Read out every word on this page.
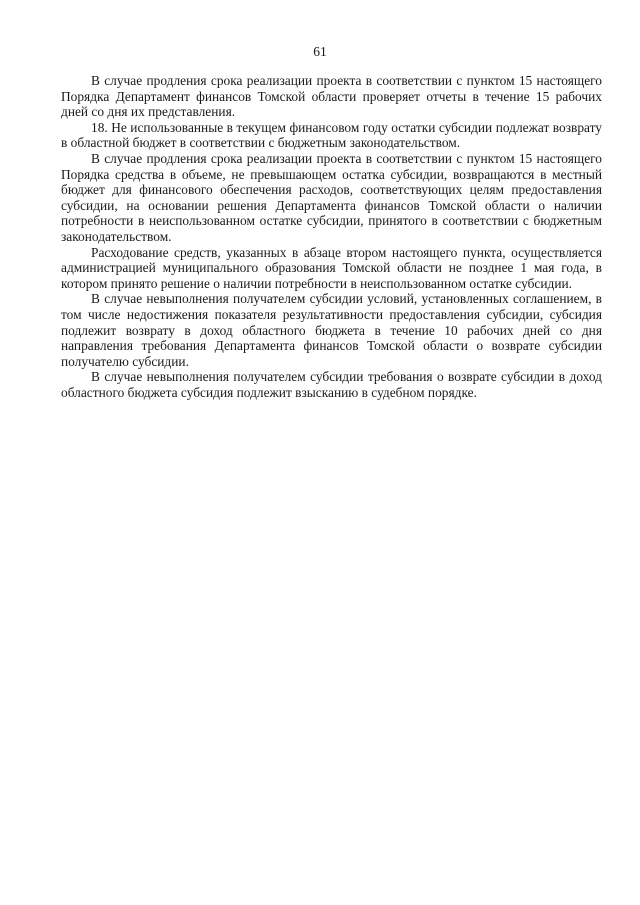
61

В случае продления срока реализации проекта в соответствии с пунктом 15 настоящего Порядка Департамент финансов Томской области проверяет отчеты в течение 15 рабочих дней со дня их представления.

18. Не использованные в текущем финансовом году остатки субсидии подлежат возврату в областной бюджет в соответствии с бюджетным законодательством.

В случае продления срока реализации проекта в соответствии с пунктом 15 настоящего Порядка средства в объеме, не превышающем остатка субсидии, возвращаются в местный бюджет для финансового обеспечения расходов, соответствующих целям предоставления субсидии, на основании решения Департамента финансов Томской области о наличии потребности в неиспользованном остатке субсидии, принятого в соответствии с бюджетным законодательством.

Расходование средств, указанных в абзаце втором настоящего пункта, осуществляется администрацией муниципального образования Томской области не позднее 1 мая года, в котором принято решение о наличии потребности в неиспользованном остатке субсидии.

В случае невыполнения получателем субсидии условий, установленных соглашением, в том числе недостижения показателя результативности предоставления субсидии, субсидия подлежит возврату в доход областного бюджета в течение 10 рабочих дней со дня направления требования Департамента финансов Томской области о возврате субсидии получателю субсидии.

В случае невыполнения получателем субсидии требования о возврате субсидии в доход областного бюджета субсидия подлежит взысканию в судебном порядке.
